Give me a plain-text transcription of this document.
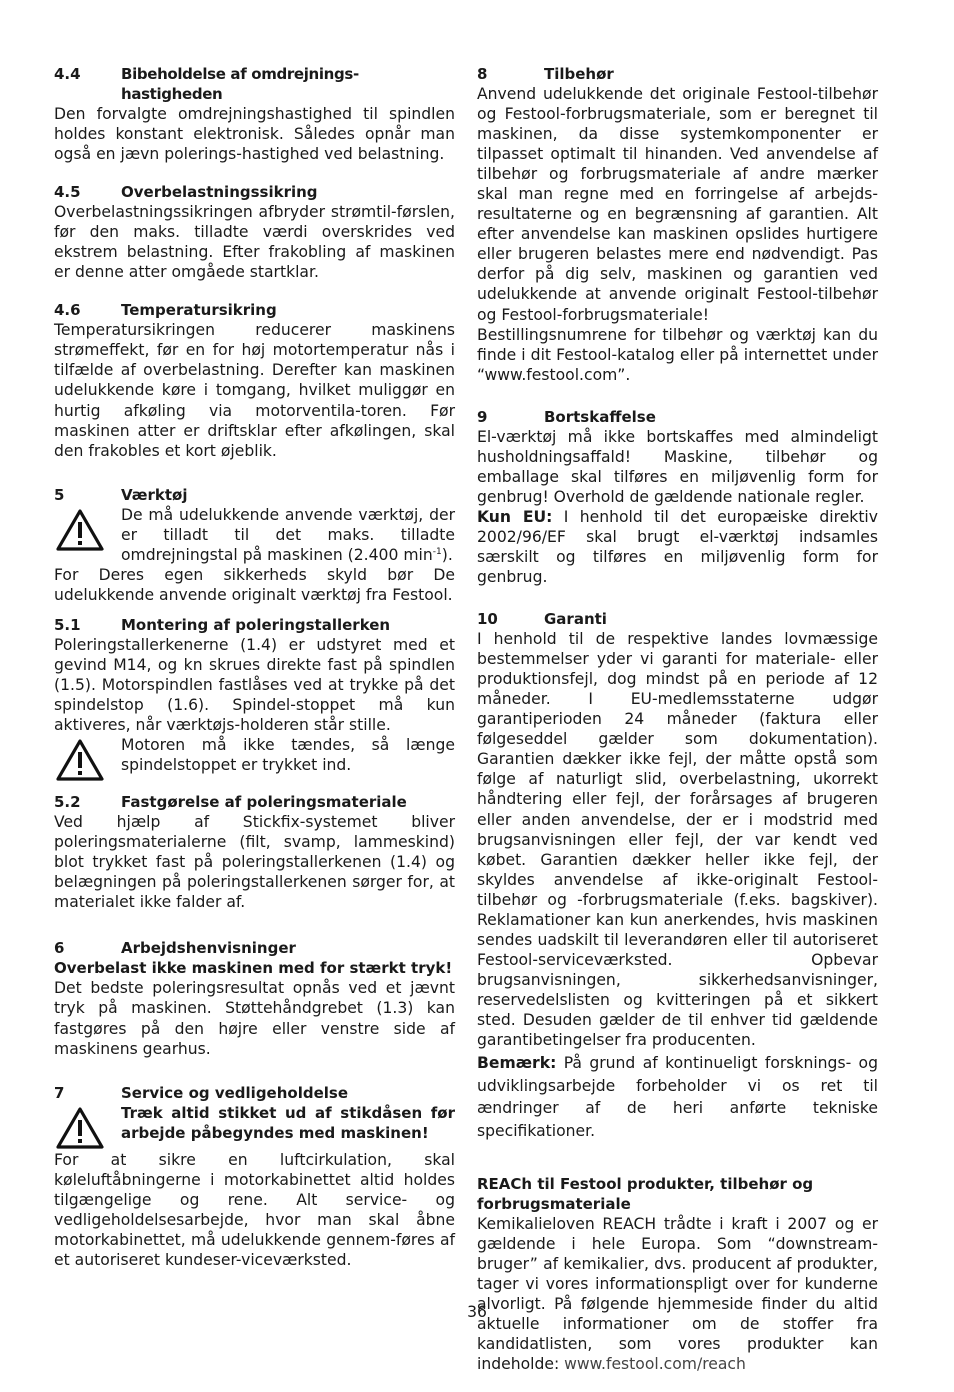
4.4	Bibeholdelse af omdrejnings-hastigheden

Den forvalgte omdrejningshastighed til spindlen holdes konstant elektronisk. Således opnår man også en jævn polerings-hastighed ved belastning.

4.5	Overbelastningssikring

Overbelastningssikringen afbryder strømtil-førslen, før den maks. tilladte værdi overskrides ved ekstrem belastning. Efter frakobling af maskinen er denne atter omgåede startklar.

4.6	Temperatursikring

Temperatursikringen reducerer maskinens strømeffekt, før en for høj motortemperatur nås i tilfælde af overbelastning. Derefter kan maskinen udelukkende køre i tomgang, hvilket muliggør en hurtig afkøling via motorventila-toren. Før maskinen atter er driftsklar efter afkølingen, skal den frakobles et kort øjeblik.

5	Værktøj

De må udelukkende anvende værktøj, der er tilladt til det maks. tilladte omdrejningstal på maskinen (2.400 $\min^{-1}$).

For Deres egen sikkerheds skyld bør De udelukkende anvende originalt værktøj fra Festool.

5.1	Montering af poleringstallerken

Poleringstallerkenerne (1.4) er udstyret med et gevind M14, og kn skrues direkte fast på spindlen (1.5). Motorspindlen fastlåses ved at trykke på det spindelstop (1.6). Spindel-stoppet må kun aktiveres, når værktøjs-holderen står stille.

Motoren må ikke tændes, så længe spindelstoppet er trykket ind.

5.2	Fastgørelse af poleringsmateriale

Ved hjælp af Stickfix-systemet bliver poleringsmaterialerne (filt, svamp, lammeskind) blot trykket fast på poleringstallerkenen (1.4) og belægningen på poleringstallerkenen sørger for, at materialet ikke falder af.

6	Arbejdshenvisninger

Overbelast ikke maskinen med for stærkt tryk!

Det bedste poleringsresultat opnås ved et jævnt tryk på maskinen. Støttehåndgrebet (1.3) kan fastgøres på den højre eller venstre side af maskinens gearhus.

7	Service og vedligeholdelse

Træk altid stikket ud af stikdåsen før arbejde påbegyndes med maskinen!

For at sikre en luftcirkulation, skal køleluftåbningerne i motorkabinettet altid holdes tilgængelige og rene. Alt service- og vedligeholdelsesarbejde, hvor man skal åbne motorkabinettet, må udelukkende gennem-føres af et autoriseret kundeser-viceværksted.

8	Tilbehør

Anvend udelukkende det originale Festool-tilbehør og Festool-forbrugsmateriale, som er beregnet til maskinen, da disse systemkomponenter er tilpasset optimalt til hinanden. Ved anvendelse af tilbehør og forbrugsmateriale af andre mærker skal man regne med en forringelse af arbejds-resultaterne og en begrænsning af garantien. Alt efter anvendelse kan maskinen opslides hurtigere eller brugeren belastes mere end nødvendigt. Pas derfor på dig selv, maskinen og garantien ved udelukkende at anvende originalt Festool-tilbehør og Festool-forbrugsmateriale!

Bestillingsnumrene for tilbehør og værktøj kan du finde i dit Festool-katalog eller på internettet under “www.festool.com”.

9	Bortskaffelse

El-værktøj må ikke bortskaffes med almindeligt husholdningsaffald! Maskine, tilbehør og emballage skal tilføres en miljøvenlig form for genbrug! Overhold de gældende nationale regler.

Kun EU: I henhold til det europæiske direktiv 2002/96/EF skal brugt el-værktøj indsamles særskilt og tilføres en miljøvenlig form for genbrug.

10	Garanti

I henhold til de respektive landes lovmæssige bestemmelser yder vi garanti for materiale- eller produktionsfejl, dog mindst på en periode af 12 måneder. I EU-medlemsstaterne udgør garantiperioden 24 måneder (faktura eller følgeseddel gælder som dokumentation). Garantien dækker ikke fejl, der måtte opstå som følge af naturligt slid, overbelastning, ukorrekt håndtering eller fejl, der forårsages af brugeren eller anden anvendelse, der er i modstrid med brugsanvisningen eller fejl, der var kendt ved købet. Garantien dækker heller ikke fejl, der skyldes anvendelse af ikke-originalt Festool-tilbehør og -forbrugsmateriale (f.eks. bagskiver). Reklamationer kan kun anerkendes, hvis maskinen sendes uadskilt til leverandøren eller til autoriseret Festool-serviceværksted. Opbevar brugsanvisningen, sikkerhedsanvisninger, reservedelslisten og kvitteringen på et sikkert sted. Desuden gælder de til enhver tid gældende garantibetingelser fra producenten.

Bemærk: På grund af kontinueligt forsknings- og udviklingsarbejde forbeholder vi os ret til ændringer af de heri anførte tekniske specifikationer.

REACh til Festool produkter, tilbehør og forbrugsmateriale

Kemikalieloven REACH trådte i kraft i 2007 og er gældende i hele Europa. Som “downstream-bruger” af kemikalier, dvs. producent af produkter, tager vi vores informationspligt over for kunderne alvorligt. På følgende hjemmeside finder du altid aktuelle informationer om de stoffer fra kandidatlisten, som vores produkter kan indeholde: www.festool.com/reach

36
